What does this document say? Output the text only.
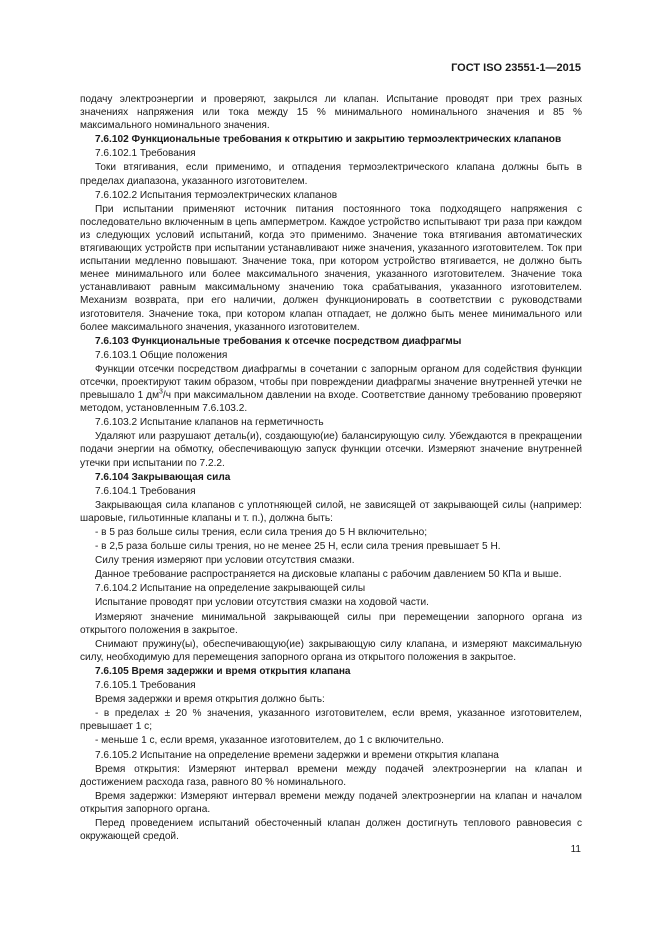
ГОСТ ISO 23551-1—2015

подачу электроэнергии и проверяют, закрылся ли клапан. Испытание проводят при трех разных значениях напряжения или тока между 15 % минимального номинального значения и 85 % максимального номинального значения.

7.6.102 Функциональные требования к открытию и закрытию термоэлектрических клапанов

7.6.102.1 Требования

Токи втягивания, если применимо, и отпадения термоэлектрического клапана должны быть в пределах диапазона, указанного изготовителем.

7.6.102.2 Испытания термоэлектрических клапанов

При испытании применяют источник питания постоянного тока подходящего напряжения с последовательно включенным в цепь амперметром. Каждое устройство испытывают три раза при каждом из следующих условий испытаний, когда это применимо. Значение тока втягивания автоматических втягивающих устройств при испытании устанавливают ниже значения, указанного изготовителем. Ток при испытании медленно повышают. Значение тока, при котором устройство втягивается, не должно быть менее минимального или более максимального значения, указанного изготовителем. Значение тока устанавливают равным максимальному значению тока срабатывания, указанного изготовителем. Механизм возврата, при его наличии, должен функционировать в соответствии с руководствами изготовителя. Значение тока, при котором клапан отпадает, не должно быть менее минимального или более максимального значения, указанного изготовителем.

7.6.103 Функциональные требования к отсечке посредством диафрагмы

7.6.103.1 Общие положения

Функции отсечки посредством диафрагмы в сочетании с запорным органом для содействия функции отсечки, проектируют таким образом, чтобы при повреждении диафрагмы значение внутренней утечки не превышало 1 $дм^3/ч$ при максимальном давлении на входе. Соответствие данному требованию проверяют методом, установленным 7.6.103.2.

7.6.103.2 Испытание клапанов на герметичность

Удаляют или разрушают деталь(и), создающую(ие) балансирующую силу. Убеждаются в прекращении подачи энергии на обмотку, обеспечивающую запуск функции отсечки. Измеряют значение внутренней утечки при испытании по 7.2.2.

7.6.104 Закрывающая сила

7.6.104.1 Требования

Закрывающая сила клапанов с уплотняющей силой, не зависящей от закрывающей силы (например: шаровые, гильотинные клапаны и т. п.), должна быть:

- в 5 раз больше силы трения, если сила трения до 5 Н включительно;

- в 2,5 раза больше силы трения, но не менее 25 Н, если сила трения превышает 5 Н.

Силу трения измеряют при условии отсутствия смазки.

Данное требование распространяется на дисковые клапаны с рабочим давлением 50 КПа и выше.

7.6.104.2 Испытание на определение закрывающей силы

Испытание проводят при условии отсутствия смазки на ходовой части.

Измеряют значение минимальной закрывающей силы при перемещении запорного органа из открытого положения в закрытое.

Снимают пружину(ы), обеспечивающую(ие) закрывающую силу клапана, и измеряют максимальную силу, необходимую для перемещения запорного органа из открытого положения в закрытое.

7.6.105 Время задержки и время открытия клапана

7.6.105.1 Требования

Время задержки и время открытия должно быть:

- в пределах ± 20 % значения, указанного изготовителем, если время, указанное изготовителем, превышает 1 с;

- меньше 1 с, если время, указанное изготовителем, до 1 с включительно.

7.6.105.2 Испытание на определение времени задержки и времени открытия клапана

Время открытия: Измеряют интервал времени между подачей электроэнергии на клапан и достижением расхода газа, равного 80 % номинального.

Время задержки: Измеряют интервал времени между подачей электроэнергии на клапан и началом открытия запорного органа.

Перед проведением испытаний обесточенный клапан должен достигнуть теплового равновесия с окружающей средой.

11
